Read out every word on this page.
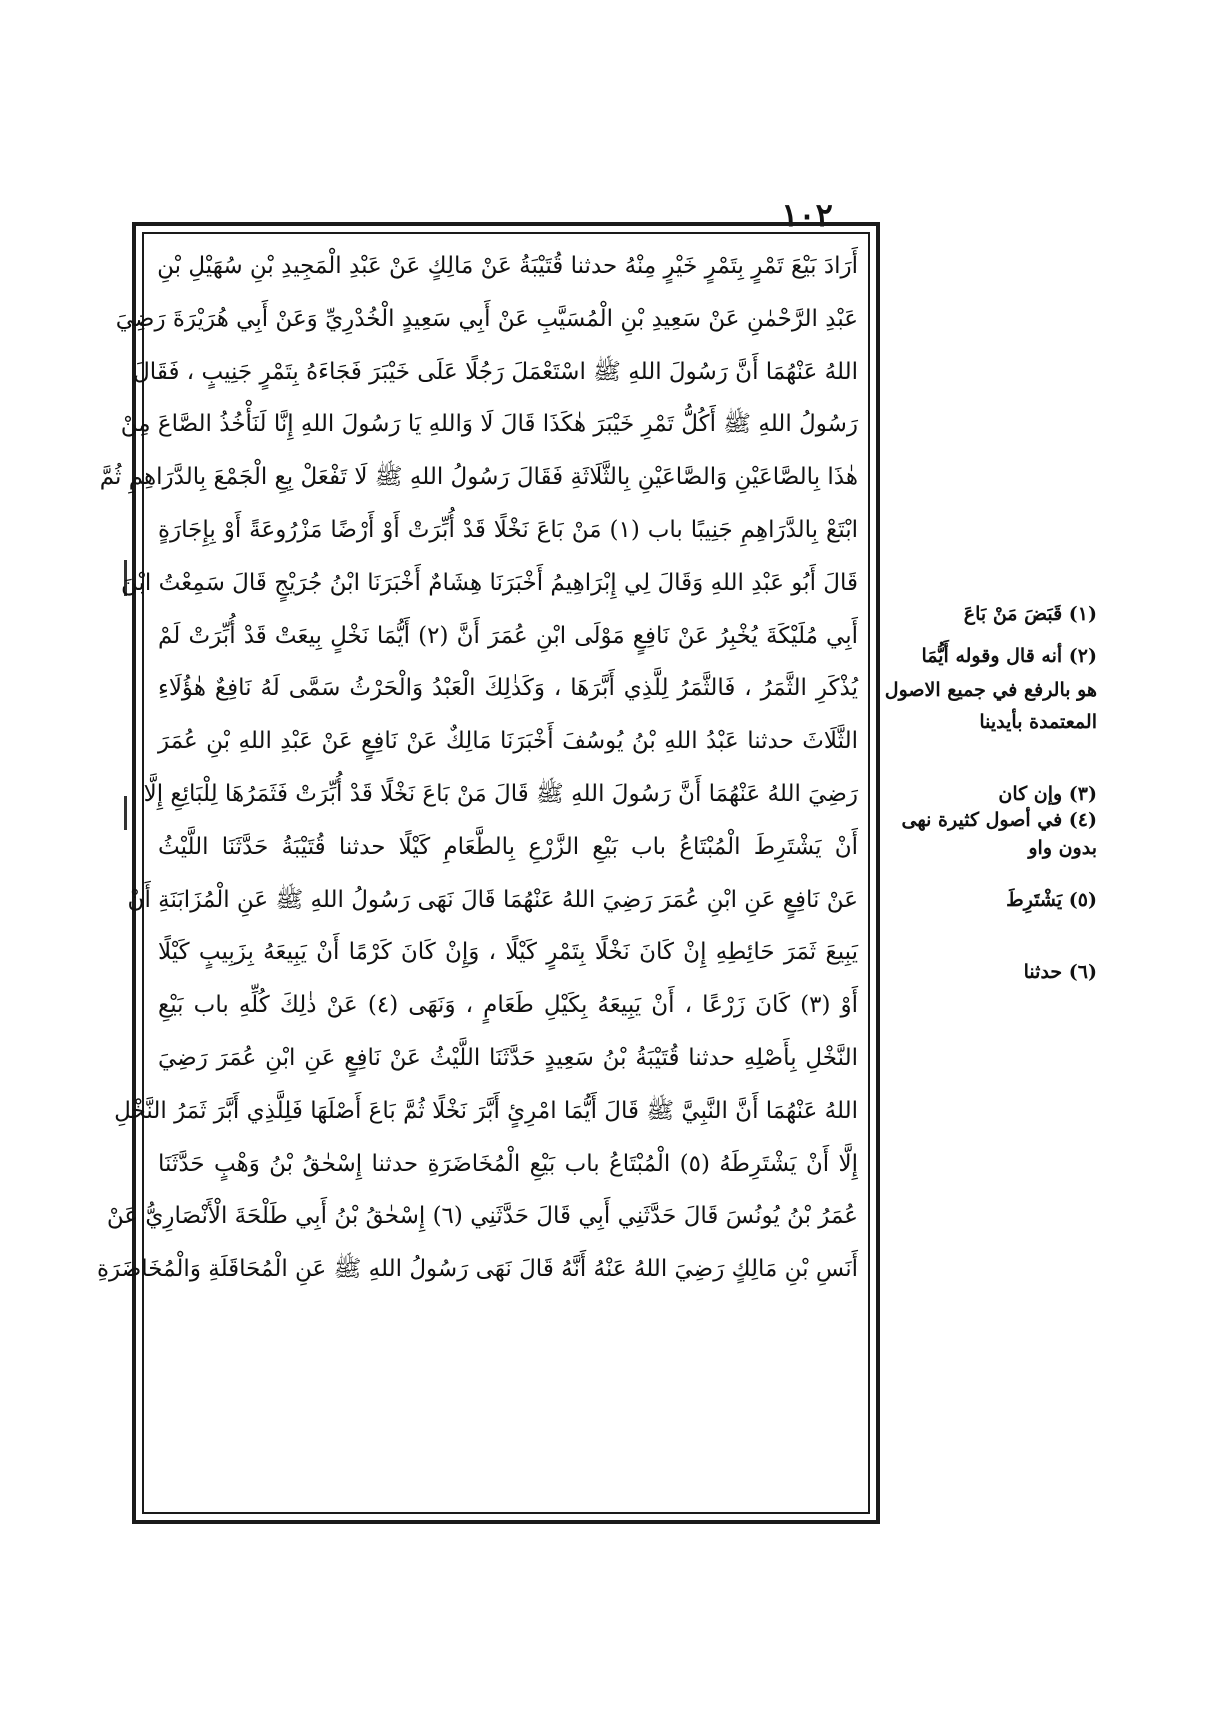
١٠٢
أَرَادَ بَيْعَ تَمْرٍ بِتَمْرٍ خَيْرٍ مِنْهُ حدثنا قُتَيْبَةُ عَنْ مَالِكٍ عَنْ عَبْدِ الْمَجِيدِ بْنِ سُهَيْلِ بْنِ
عَبْدِ الرَّحْمٰنِ عَنْ سَعِيدِ بْنِ الْمُسَيَّبِ عَنْ أَبِي سَعِيدٍ الْخُدْرِيِّ وَعَنْ أَبِي هُرَيْرَةَ رَضِيَ
اللهُ عَنْهُمَا أَنَّ رَسُولَ اللهِ ﷺ اسْتَعْمَلَ رَجُلًا عَلَى خَيْبَرَ فَجَاءَهُ بِتَمْرٍ جَنِيبٍ ، فَقَالَ
رَسُولُ اللهِ ﷺ أَكُلُّ تَمْرِ خَيْبَرَ هٰكَذَا قَالَ لَا وَاللهِ يَا رَسُولَ اللهِ إِنَّا لَنَأْخُذُ الصَّاعَ مِنْ
هٰذَا بِالصَّاعَيْنِ وَالصَّاعَيْنِ بِالثَّلَاثَةِ فَقَالَ رَسُولُ اللهِ ﷺ لَا تَفْعَلْ بِعِ الْجَمْعَ بِالدَّرَاهِمِ ثُمَّ
ابْتَعْ بِالدَّرَاهِمِ جَنِيبًا باب (١) مَنْ بَاعَ نَخْلًا قَدْ أُبِّرَتْ أَوْ أَرْضًا مَزْرُوعَةً أَوْ بِإِجَارَةٍ
قَالَ أَبُو عَبْدِ اللهِ وَقَالَ لِي إِبْرَاهِيمُ أَخْبَرَنَا هِشَامٌ أَخْبَرَنَا ابْنُ جُرَيْجٍ قَالَ سَمِعْتُ ابْنَ
أَبِي مُلَيْكَةَ يُخْبِرُ عَنْ نَافِعٍ مَوْلَى ابْنِ عُمَرَ أَنَّ (٢) أَيُّمَا نَخْلٍ بِيعَتْ قَدْ أُبِّرَتْ لَمْ
يُذْكَرِ الثَّمَرُ ، فَالثَّمَرُ لِلَّذِي أَبَّرَهَا ، وَكَذٰلِكَ الْعَبْدُ وَالْحَرْثُ سَمَّى لَهُ نَافِعٌ هٰؤُلَاءِ
الثَّلَاثَ حدثنا عَبْدُ اللهِ بْنُ يُوسُفَ أَخْبَرَنَا مَالِكٌ عَنْ نَافِعٍ عَنْ عَبْدِ اللهِ بْنِ عُمَرَ
رَضِيَ اللهُ عَنْهُمَا أَنَّ رَسُولَ اللهِ ﷺ قَالَ مَنْ بَاعَ نَخْلًا قَدْ أُبِّرَتْ فَثَمَرُهَا لِلْبَائِعِ إِلَّا
أَنْ يَشْتَرِطَ الْمُبْتَاعُ باب بَيْعِ الزَّرْعِ بِالطَّعَامِ كَيْلًا حدثنا قُتَيْبَةُ حَدَّثَنَا اللَّيْثُ
عَنْ نَافِعٍ عَنِ ابْنِ عُمَرَ رَضِيَ اللهُ عَنْهُمَا قَالَ نَهَى رَسُولُ اللهِ ﷺ عَنِ الْمُزَابَنَةِ أَنْ
يَبِيعَ ثَمَرَ حَائِطِهِ إِنْ كَانَ نَخْلًا بِتَمْرٍ كَيْلًا ، وَإِنْ كَانَ كَرْمًا أَنْ يَبِيعَهُ بِزَبِيبٍ كَيْلًا
أَوْ (٣) كَانَ زَرْعًا ، أَنْ يَبِيعَهُ بِكَيْلِ طَعَامٍ ، وَنَهَى (٤) عَنْ ذٰلِكَ كُلِّهِ باب بَيْعِ
النَّخْلِ بِأَصْلِهِ حدثنا قُتَيْبَةُ بْنُ سَعِيدٍ حَدَّثَنَا اللَّيْثُ عَنْ نَافِعٍ عَنِ ابْنِ عُمَرَ رَضِيَ
اللهُ عَنْهُمَا أَنَّ النَّبِيَّ ﷺ قَالَ أَيُّمَا امْرِئٍ أَبَّرَ نَخْلًا ثُمَّ بَاعَ أَصْلَهَا فَلِلَّذِي أَبَّرَ ثَمَرُ النَّخْلِ
إِلَّا أَنْ يَشْتَرِطَهُ (٥) الْمُبْتَاعُ باب بَيْعِ الْمُخَاضَرَةِ حدثنا إِسْحٰقُ بْنُ وَهْبٍ حَدَّثَنَا
عُمَرُ بْنُ يُونُسَ قَالَ حَدَّثَنِي أَبِي قَالَ حَدَّثَنِي (٦) إِسْحٰقُ بْنُ أَبِي طَلْحَةَ الْأَنْصَارِيُّ عَنْ
أَنَسِ بْنِ مَالِكٍ رَضِيَ اللهُ عَنْهُ أَنَّهُ قَالَ نَهَى رَسُولُ اللهِ ﷺ عَنِ الْمُحَاقَلَةِ وَالْمُخَاضَرَةِ
(١) قَبَضَ مَنْ بَاعَ
(٢) أنه قال وقوله أَيُّمَا
هو بالرفع في جميع الاصول
المعتمدة بأيدينا
(٣) وإن كان
(٤) في أصول كثيرة نهى
بدون واو
(٥) يَشْتَرِطَ
(٦) حدثنا
